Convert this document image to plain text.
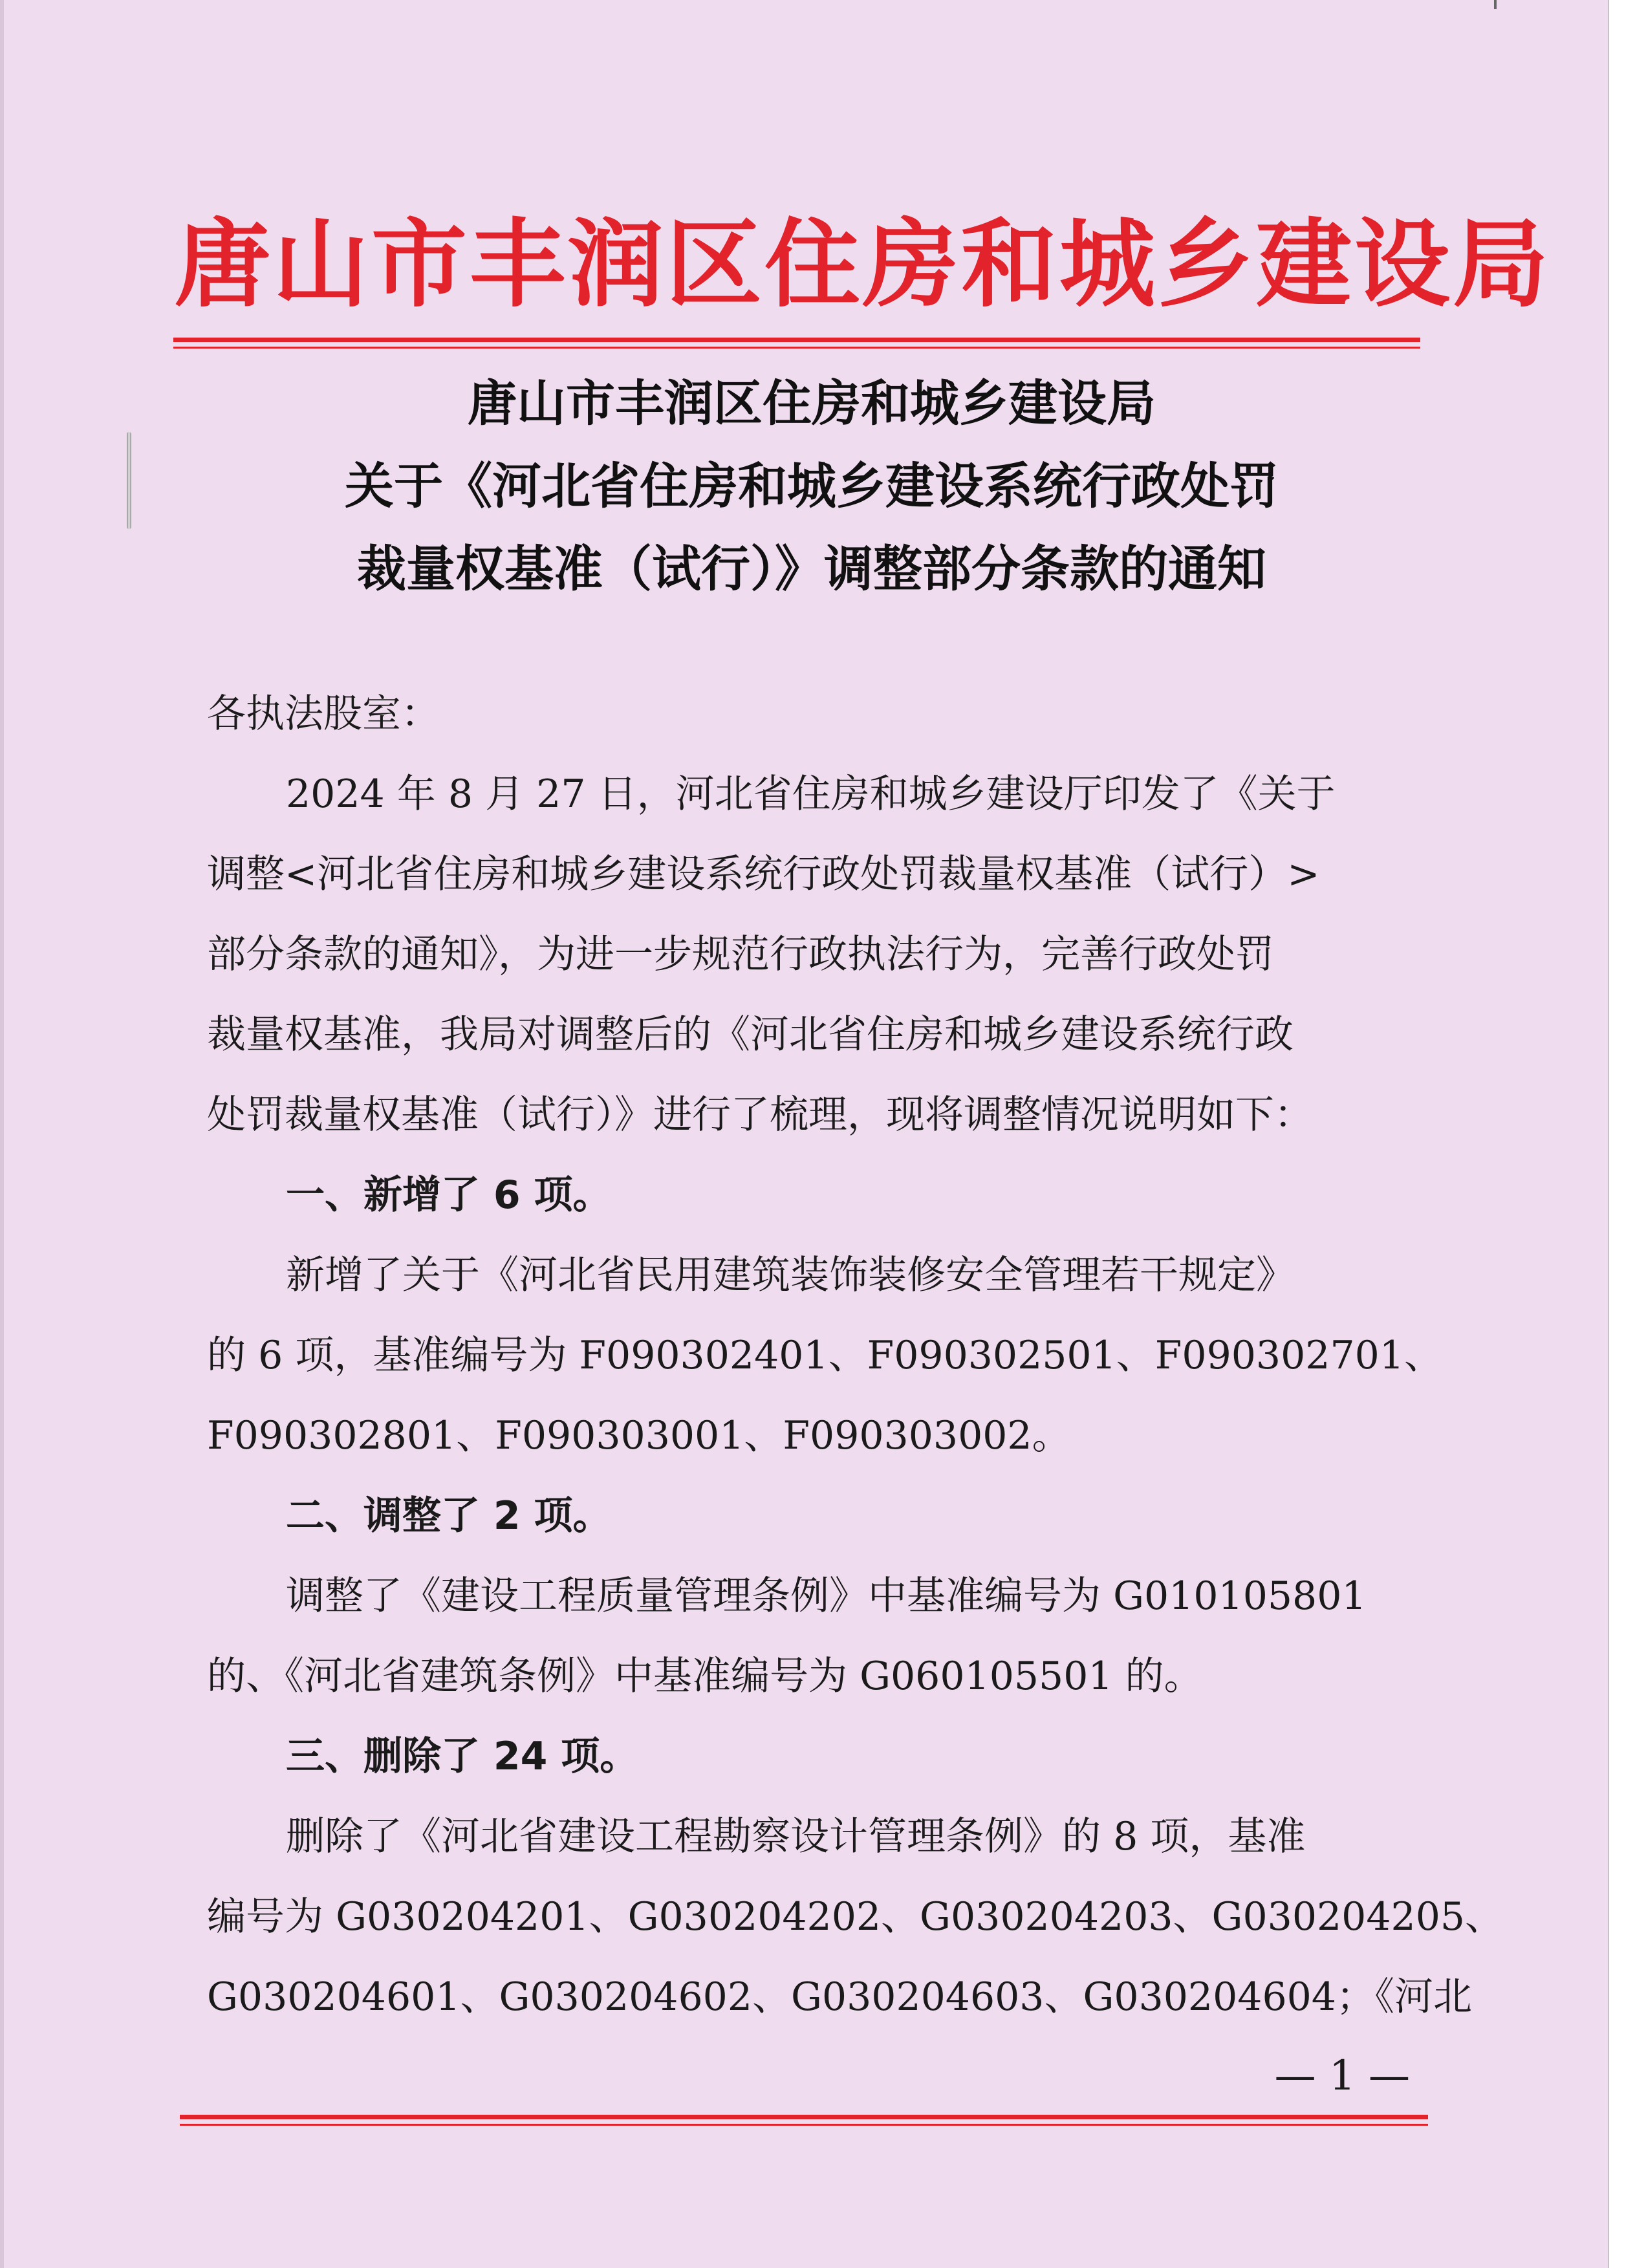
唐山市丰润区住房和城乡建设局
唐山市丰润区住房和城乡建设局
关于《河北省住房和城乡建设系统行政处罚
裁量权基准（试行）》调整部分条款的通知
各执法股室：
2024 年 8 月 27 日，河北省住房和城乡建设厅印发了《关于
调整<河北省住房和城乡建设系统行政处罚裁量权基准（试行）>
部分条款的通知》，为进一步规范行政执法行为，完善行政处罚
裁量权基准，我局对调整后的《河北省住房和城乡建设系统行政
处罚裁量权基准（试行）》进行了梳理，现将调整情况说明如下：
一、新增了 6 项。
新增了关于《河北省民用建筑装饰装修安全管理若干规定》
的 6 项，基准编号为 F090302401、F090302501、F090302701、
F090302801、F090303001、F090303002。
二、调整了 2 项。
调整了《建设工程质量管理条例》中基准编号为 G010105801
的、《河北省建筑条例》中基准编号为 G060105501 的。
三、删除了 24 项。
删除了《河北省建设工程勘察设计管理条例》的 8 项，基准
编号为 G030204201、G030204202、G030204203、G030204205、
G030204601、G030204602、G030204603、G030204604；《河北
— 1 —
